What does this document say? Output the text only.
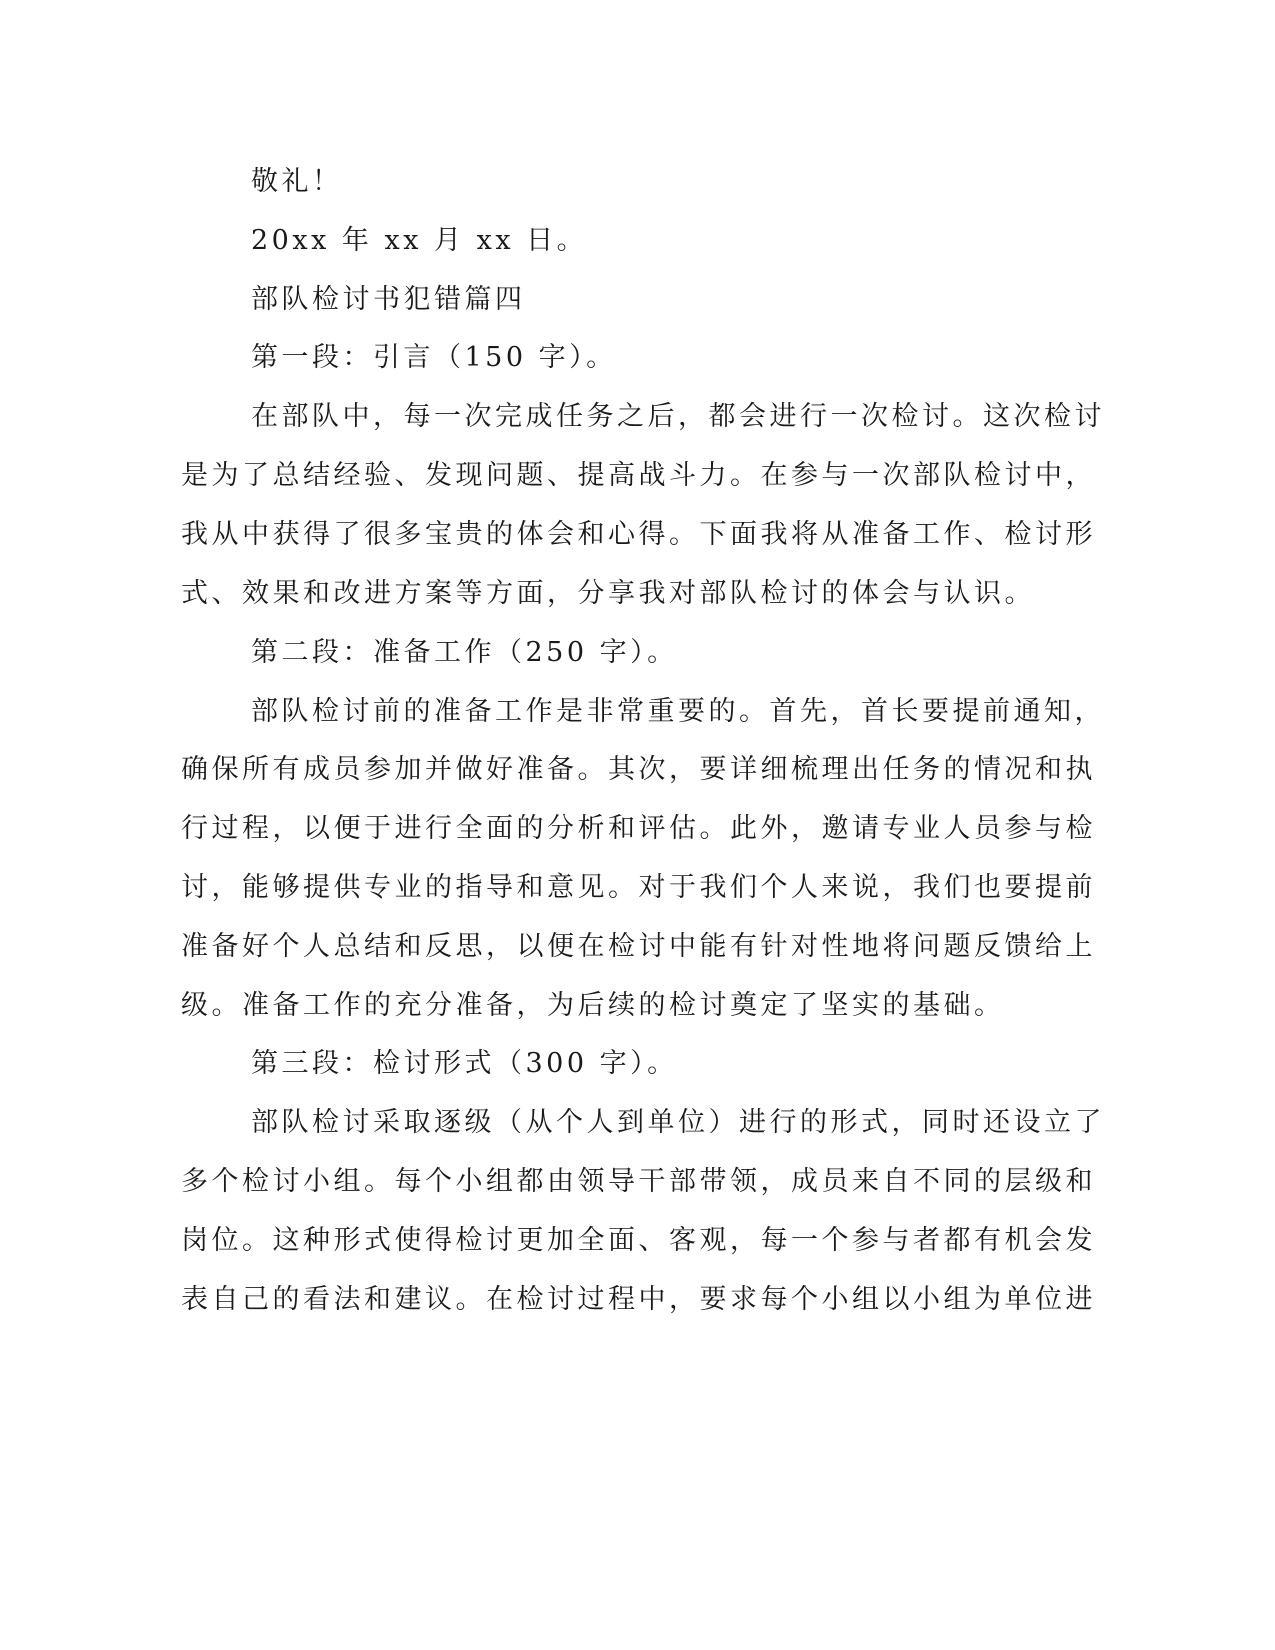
敬礼！
20xx 年 xx 月 xx 日。
部队检讨书犯错篇四
第一段：引言（150 字）。
在部队中，每一次完成任务之后，都会进行一次检讨。这次检讨
是为了总结经验、发现问题、提高战斗力。在参与一次部队检讨中，
我从中获得了很多宝贵的体会和心得。下面我将从准备工作、检讨形
式、效果和改进方案等方面，分享我对部队检讨的体会与认识。
第二段：准备工作（250 字）。
部队检讨前的准备工作是非常重要的。首先，首长要提前通知，
确保所有成员参加并做好准备。其次，要详细梳理出任务的情况和执
行过程，以便于进行全面的分析和评估。此外，邀请专业人员参与检
讨，能够提供专业的指导和意见。对于我们个人来说，我们也要提前
准备好个人总结和反思，以便在检讨中能有针对性地将问题反馈给上
级。准备工作的充分准备，为后续的检讨奠定了坚实的基础。
第三段：检讨形式（300 字）。
部队检讨采取逐级（从个人到单位）进行的形式，同时还设立了
多个检讨小组。每个小组都由领导干部带领，成员来自不同的层级和
岗位。这种形式使得检讨更加全面、客观，每一个参与者都有机会发
表自己的看法和建议。在检讨过程中，要求每个小组以小组为单位进
